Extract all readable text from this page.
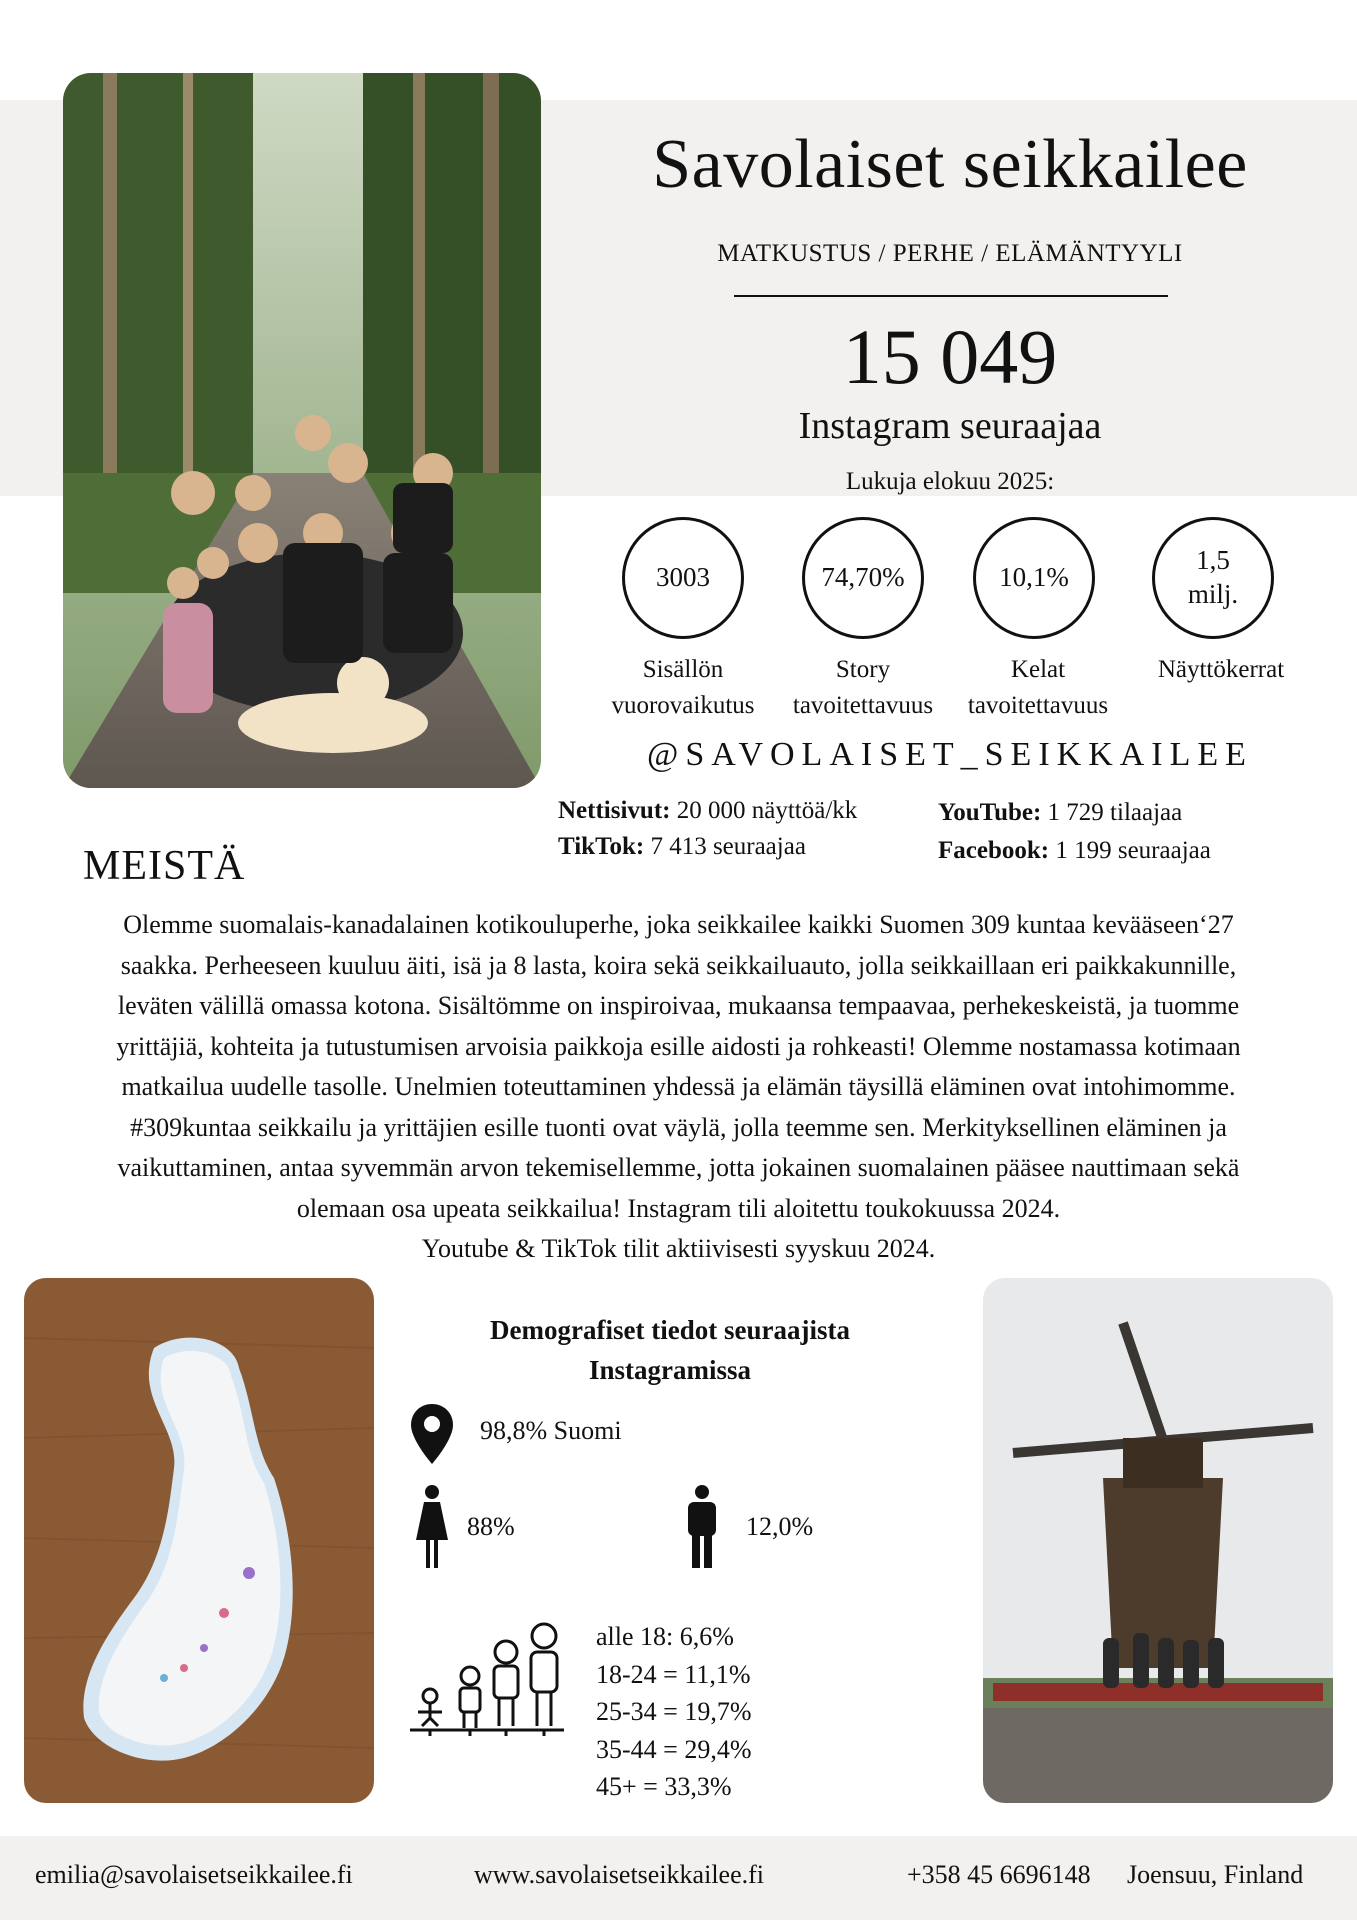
Savolaiset seikkailee
MATKUSTUS / PERHE / ELÄMÄNTYYLI
15 049
Instagram seuraajaa
Lukuja elokuu 2025:
3003	74,70%	10,1%
1,5
milj.
Sisällön
vuorovaikutus
Story
tavoitettavuus
Kelat
tavoitettavuus
Näyttökerrat
@SAVOLAISET_SEIKKAILEE
Nettisivut: 20 000 näyttöä/kk
TikTok: 7 413 seuraajaa
YouTube: 1 729 tilaajaa
Facebook: 1 199 seuraajaa
MEISTÄ
Olemme suomalais-kanadalainen kotikouluperhe, joka seikkailee kaikki Suomen 309 kuntaa kevääseen‘27
saakka. Perheeseen kuuluu äiti, isä ja 8 lasta, koira sekä seikkailuauto, jolla seikkaillaan eri paikkakunnille,
leväten välillä omassa kotona. Sisältömme on inspiroivaa, mukaansa tempaavaa, perhekeskeistä, ja tuomme
yrittäjiä, kohteita ja tutustumisen arvoisia paikkoja esille aidosti ja rohkeasti! Olemme nostamassa kotimaan
matkailua uudelle tasolle. Unelmien toteuttaminen yhdessä ja elämän täysillä eläminen ovat intohimomme.
#309kuntaa seikkailu ja yrittäjien esille tuonti ovat väylä, jolla teemme sen. Merkityksellinen eläminen ja
vaikuttaminen, antaa syvemmän arvon tekemisellemme, jotta jokainen suomalainen pääsee nauttimaan sekä
olemaan osa upeata seikkailua! Instagram tili aloitettu toukokuussa 2024.
Youtube & TikTok tilit aktiivisesti syyskuu 2024.
Demografiset tiedot seuraajista
Instagramissa
98,8% Suomi
88%	12,0%
alle 18: 6,6%
18-24 = 11,1%
25-34 = 19,7%
35-44 = 29,4%
45+ = 33,3%
emilia@savolaisetseikkailee.fi	www.savolaisetseikkailee.fi	+358 45 6696148 Joensuu, Finland
